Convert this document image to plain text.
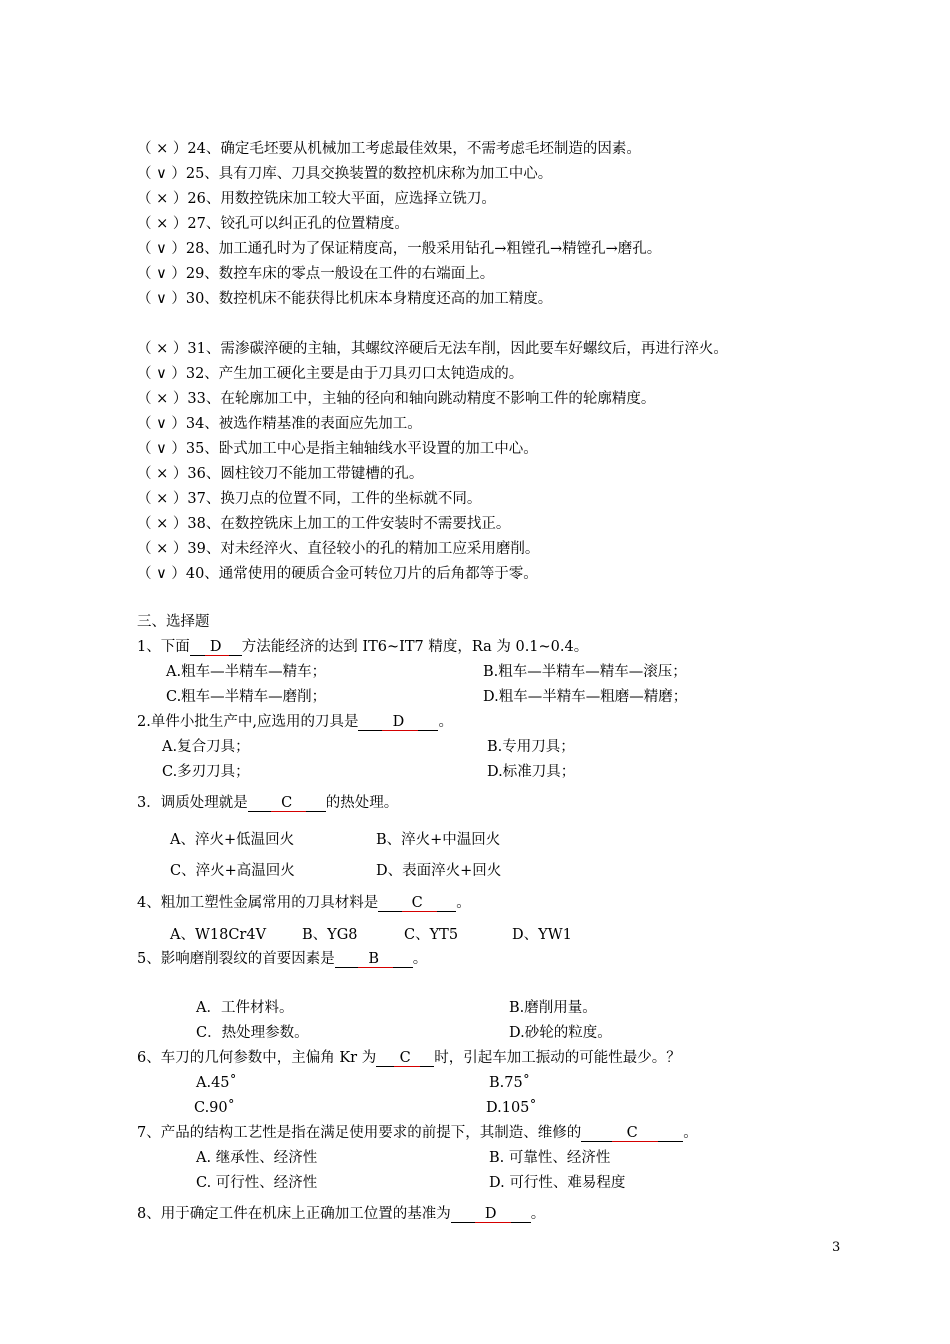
（ × ）24、确定毛坯要从机械加工考虑最佳效果，不需考虑毛坯制造的因素。
（ ∨ ）25、具有刀库、刀具交换装置的数控机床称为加工中心。
（ × ）26、用数控铣床加工较大平面，应选择立铣刀。
（ × ）27、铰孔可以纠正孔的位置精度。
（ ∨ ）28、加工通孔时为了保证精度高，一般采用钻孔→粗镗孔→精镗孔→磨孔。
（ ∨ ）29、数控车床的零点一般设在工件的右端面上。
（ ∨ ）30、数控机床不能获得比机床本身精度还高的加工精度。
（ × ）31、需渗碳淬硬的主轴，其螺纹淬硬后无法车削，因此要车好螺纹后，再进行淬火。
（ ∨ ）32、产生加工硬化主要是由于刀具刃口太钝造成的。
（ × ）33、在轮廓加工中，主轴的径向和轴向跳动精度不影响工件的轮廓精度。
（ ∨ ）34、被选作精基准的表面应先加工。
（ ∨ ）35、卧式加工中心是指主轴轴线水平设置的加工中心。
（ × ）36、圆柱铰刀不能加工带键槽的孔。
（ × ）37、换刀点的位置不同，工件的坐标就不同。
（ × ）38、在数控铣床上加工的工件安装时不需要找正。
（ × ）39、对未经淬火、直径较小的孔的精加工应采用磨削。
（ ∨ ）40、通常使用的硬质合金可转位刀片的后角都等于零。
三、选择题
1、下面 D 方法能经济的达到 IT6~IT7 精度，Ra 为 0.1~0.4。
A.粗车—半精车—精车；	B.粗车—半精车—精车—滚压；
C.粗车—半精车—磨削；	D.粗车—半精车—粗磨—精磨；
2.单件小批生产中,应选用的刀具是 D 。
A.复合刀具；	B.专用刀具；
C.多刃刀具；	D.标准刀具；
3．调质处理就是 C 的热处理。
A、淬火+低温回火	B、淬火+中温回火
C、淬火+高温回火	D、表面淬火+回火
4、粗加工塑性金属常用的刀具材料是 C 。
A、W18Cr4V B、YG8	C、YT5	D、YW1
5、影响磨削裂纹的首要因素是 B 。
A．工件材料。	B.磨削用量。
C．热处理参数。	D.砂轮的粒度。
6、车刀的几何参数中，主偏角 Kr 为 C 时，引起车加工振动的可能性最少。？
A.45˚	B.75˚
C.90˚	D.105˚
7、产品的结构工艺性是指在满足使用要求的前提下，其制造、维修的	C	。
A. 继承性、经济性	B. 可靠性、经济性
C. 可行性、经济性	D. 可行性、难易程度
8、用于确定工件在机床上正确加工位置的基准为 D 。
3
